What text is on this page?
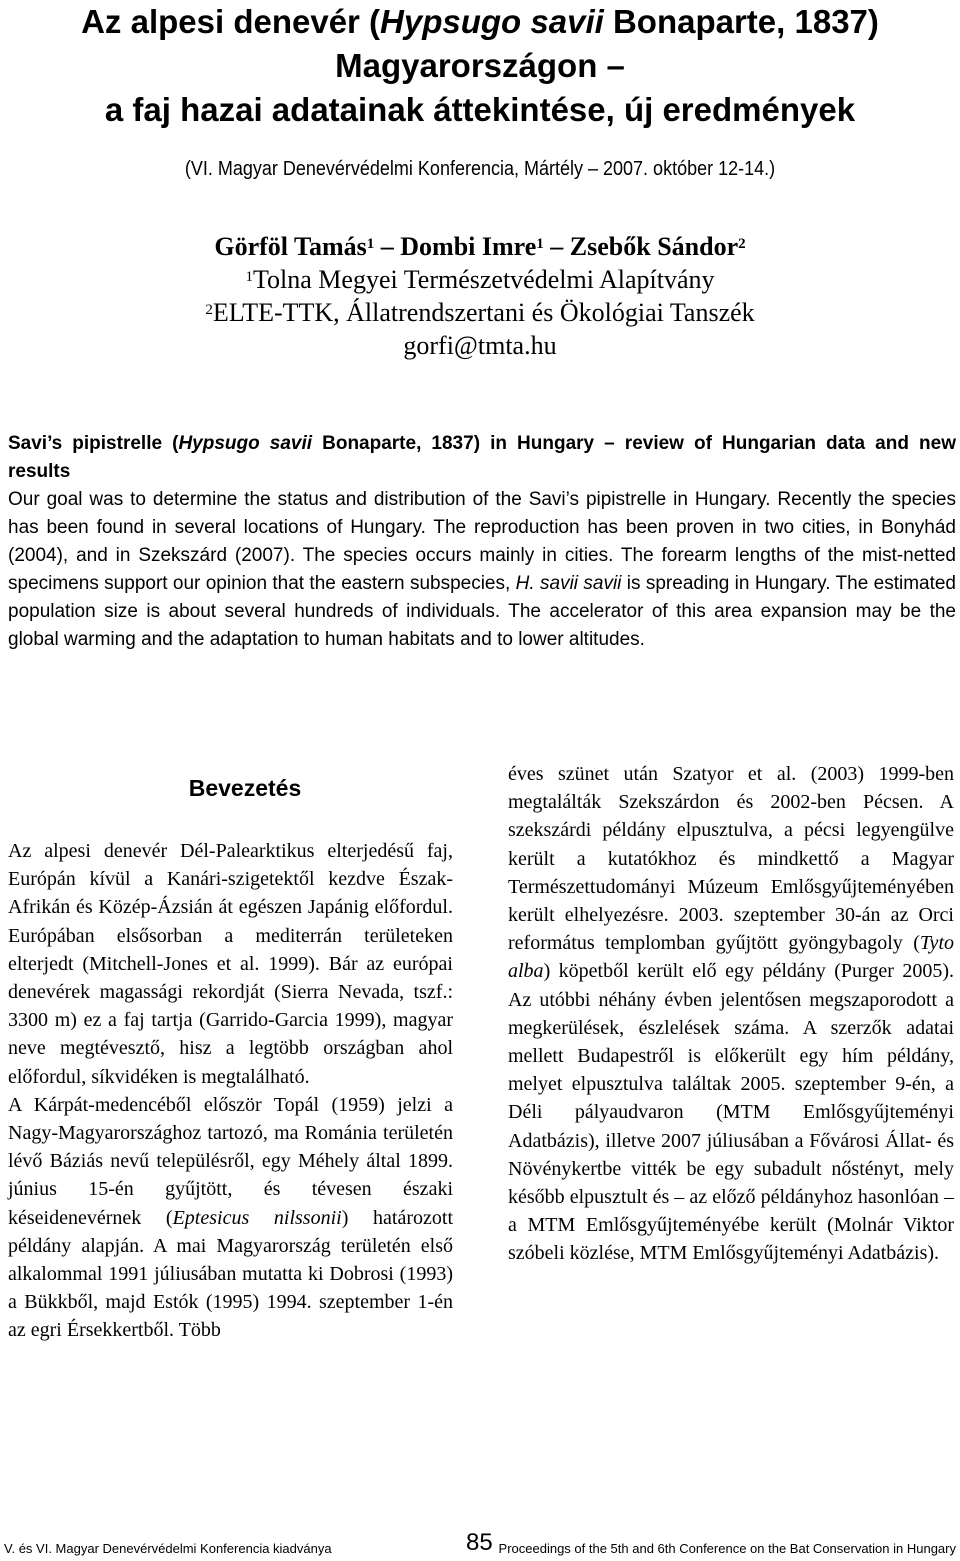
Az alpesi denevér (Hypsugo savii Bonaparte, 1837)
Magyarországon –
a faj hazai adatainak áttekintése, új eredmények
(VI. Magyar Denevérvédelmi Konferencia, Mártély – 2007. október 12-14.)
Görföl Tamás$^1$ – Dombi Imre$^1$ – Zsebők Sándor$^2$
$^1$Tolna Megyei Természetvédelmi Alapítvány
$^2$ELTE-TTK, Állatrendszertani és Ökológiai Tanszék
gorfi@tmta.hu
Savi’s pipistrelle (Hypsugo savii Bonaparte, 1837) in Hungary – review of Hungarian data and new results
Our goal was to determine the status and distribution of the Savi’s pipistrelle in Hungary. Recently the species has been found in several locations of Hungary. The reproduction has been proven in two cities, in Bonyhád (2004), and in Szekszárd (2007). The species occurs mainly in cities. The forearm lengths of the mist-netted specimens support our opinion that the eastern subspecies, H. savii savii is spreading in Hungary. The estimated population size is about several hundreds of individuals. The accelerator of this area expansion may be the global warming and the adaptation to human habitats and to lower altitudes.
Bevezetés

Az alpesi denevér Dél-Palearktikus elterjedésű faj, Európán kívül a Kanári-szigetektől kezdve Észak-Afrikán és Közép-Ázsián át egészen Japánig előfordul. Európában elsősorban a mediterrán területeken elterjedt (Mitchell-Jones et al. 1999). Bár az európai denevérek magassági rekordját (Sierra Nevada, tszf.: 3300 m) ez a faj tartja (Garrido-Garcia 1999), magyar neve megtévesztő, hisz a legtöbb országban ahol előfordul, síkvidéken is megtalálható.

A Kárpát-medencéből először Topál (1959) jelzi a Nagy-Magyarországhoz tartozó, ma Románia területén lévő Báziás nevű településről, egy Méhely által 1899. június 15-én gyűjtött, és tévesen északi késeidenevérnek (Eptesicus nilssonii) határozott példány alapján. A mai Magyarország területén első alkalommal 1991 júliusában mutatta ki Dobrosi (1993) a Bükkből, majd Estók (1995) 1994. szeptember 1-én az egri Érsekkertből. Több

éves szünet után Szatyor et al. (2003) 1999-ben megtalálták Szekszárdon és 2002-ben Pécsen. A szekszárdi példány elpusztulva, a pécsi legyengülve került a kutatókhoz és mindkettő a Magyar Természettudományi Múzeum Emlősgyűjteményében került elhelyezésre. 2003. szeptember 30-án az Orci református templomban gyűjtött gyöngybagoly (Tyto alba) köpetből került elő egy példány (Purger 2005). Az utóbbi néhány évben jelentősen megszaporodott a megkerülések, észlelések száma. A szerzők adatai mellett Budapestről is előkerült egy hím példány, melyet elpusztulva találtak 2005. szeptember 9-én, a Déli pályaudvaron (MTM Emlősgyűjteményi Adatbázis), illetve 2007 júliusában a Fővárosi Állat- és Növénykertbe vitték be egy subadult nőstényt, mely később elpusztult és – az előző példányhoz hasonlóan – a MTM Emlősgyűjteményébe került (Molnár Viktor szóbeli közlése, MTM Emlősgyűjteményi Adatbázis).

V. és VI. Magyar Denevérvédelmi Konferencia kiadványa	85 Proceedings of the 5th and 6th Conference on the Bat Conservation in Hungary
